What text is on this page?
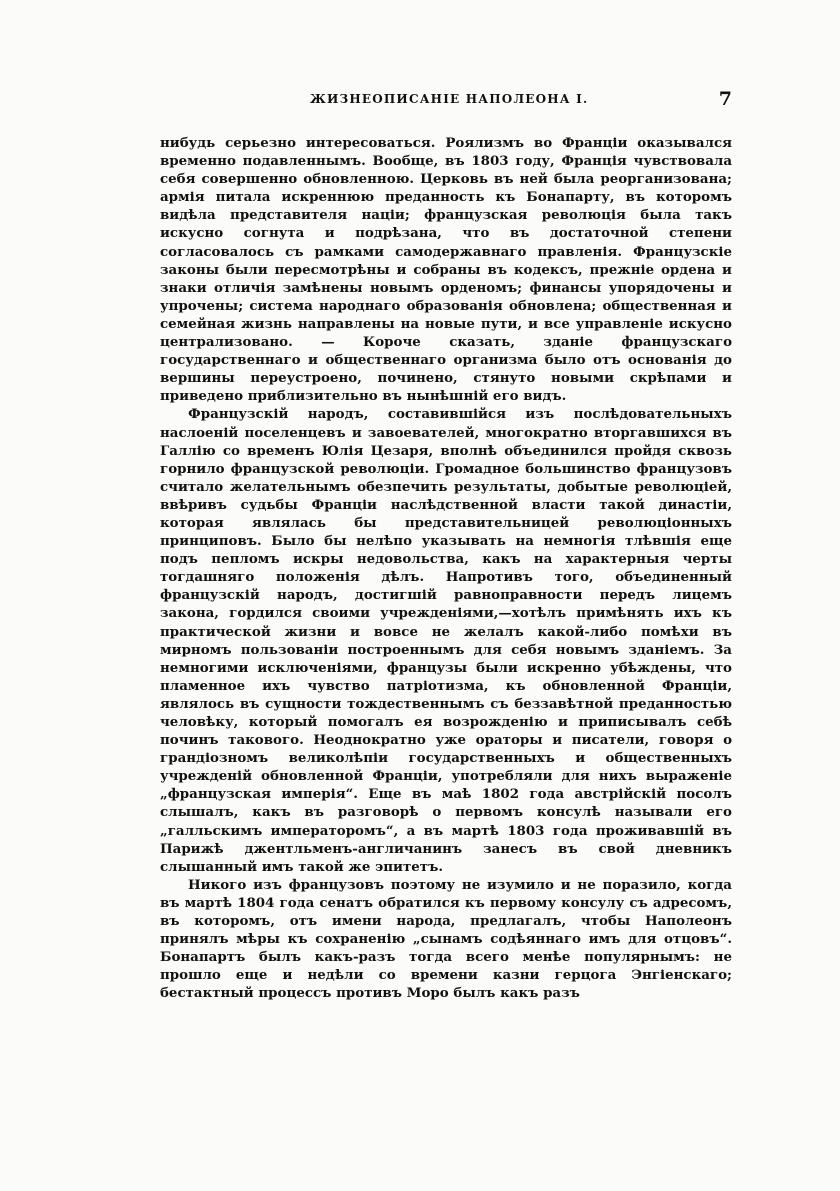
ЖИЗНЕОПИСАНІЕ НАПОЛЕОНА I.	7

нибудь серьезно интересоваться. Роялизмъ во Франціи оказывался временно подавленнымъ. Вообще, въ 1803 году, Франція чувствовала себя совершенно обновленною. Церковь въ ней была реорганизована; армія питала искреннюю преданность къ Бонапарту, въ которомъ видѣла представителя націи; французская революція была такъ искусно согнута и подрѣзана, что въ достаточной степени согласовалось съ рамками самодержавнаго правленія. Французскіе законы были пересмотрѣны и собраны въ кодексъ, прежніе ордена и знаки отличія замѣнены новымъ орденомъ; финансы упорядочены и упрочены; система народнаго образованія обновлена; общественная и семейная жизнь направлены на новые пути, и все управленіе искусно централизовано. — Короче сказать, зданіе французскаго государственнаго и общественнаго организма было отъ основанія до вершины переустроено, починено, стянуто новыми скрѣпами и приведено приблизительно въ нынѣшній его видъ.

Французскій народъ, составившійся изъ послѣдовательныхъ наслоеній поселенцевъ и завоевателей, многократно вторгавшихся въ Галлію со временъ Юлія Цезаря, вполнѣ объединился пройдя сквозь горнило французской революціи. Громадное большинство французовъ считало желательнымъ обезпечить результаты, добытые революціей, ввѣривъ судьбы Франціи наслѣдственной власти такой династіи, которая являлась бы представительницей революціонныхъ принциповъ. Было бы нелѣпо указывать на немногія тлѣвшія еще подъ пепломъ искры недовольства, какъ на характерныя черты тогдашняго положенія дѣлъ. Напротивъ того, объединенный французскій народъ, достигшій равноправности передъ лицемъ закона, гордился своими учрежденіями,—хотѣлъ примѣнять ихъ къ практической жизни и вовсе не желалъ какой-либо помѣхи въ мирномъ пользованіи построеннымъ для себя новымъ зданіемъ. За немногими исключеніями, французы были искренно убѣждены, что пламенное ихъ чувство патріотизма, къ обновленной Франціи, являлось въ сущности тождественнымъ съ беззавѣтной преданностью человѣку, который помогалъ ея возрожденію и приписывалъ себѣ починъ такового. Неоднократно уже ораторы и писатели, говоря о грандіозномъ великолѣпіи государственныхъ и общественныхъ учрежденій обновленной Франціи, употребляли для нихъ выраженіе „французская имперія“. Еще въ маѣ 1802 года австрійскій посолъ слышалъ, какъ въ разговорѣ о первомъ консулѣ называли его „галльскимъ императоромъ“, а въ мартѣ 1803 года проживавшій въ Парижѣ джентльменъ-англичанинъ занесъ въ свой дневникъ слышанный имъ такой же эпитетъ.

Никого изъ французовъ поэтому не изумило и не поразило, когда въ мартѣ 1804 года сенатъ обратился къ первому консулу съ адресомъ, въ которомъ, отъ имени народа, предлагалъ, чтобы Наполеонъ принялъ мѣры къ сохраненію „сынамъ содѣяннаго имъ для отцовъ“. Бонапартъ былъ какъ-разъ тогда всего менѣе популярнымъ: не прошло еще и недѣли со времени казни герцога Энгіенскаго; бестактный процессъ противъ Моро былъ какъ разъ
